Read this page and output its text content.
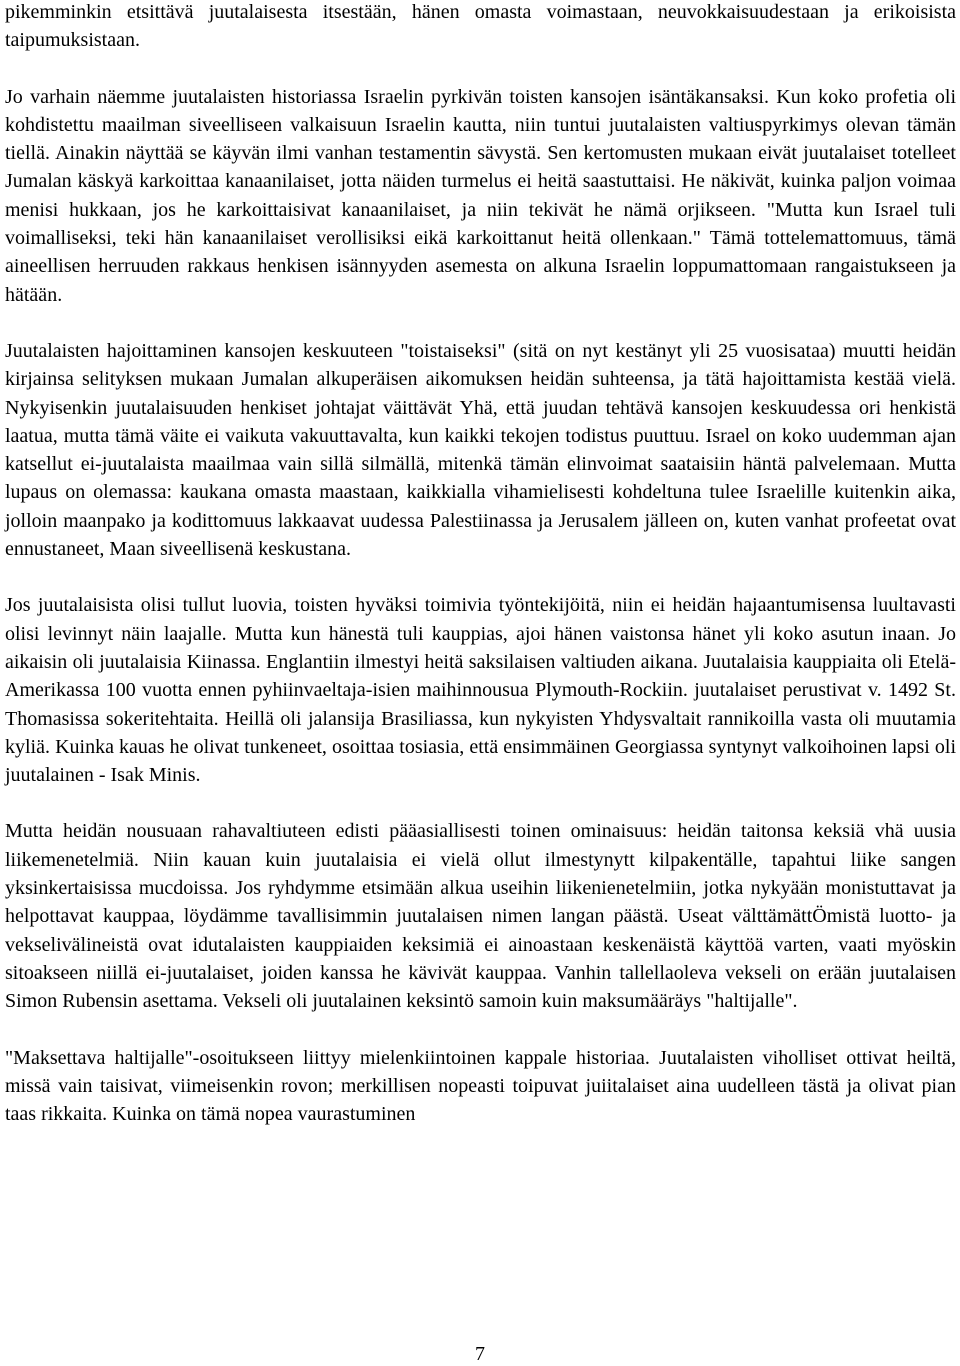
pikemminkin etsittävä juutalaisesta itsestään, hänen omasta voimastaan, neuvokkaisuudestaan ja erikoisista taipumuksistaan.

Jo varhain näemme juutalaisten historiassa Israelin pyrkivän toisten kansojen isäntäkansaksi. Kun koko profetia oli kohdistettu maailman siveelliseen valkaisuun Israelin kautta, niin tuntui juutalaisten valtiuspyrkimys olevan tämän tiellä. Ainakin näyttää se käyvän ilmi vanhan testamentin sävystä. Sen kertomusten mukaan eivät juutalaiset totelleet Jumalan käskyä karkoittaa kanaanilaiset, jotta näiden turmelus ei heitä saastuttaisi. He näkivät, kuinka paljon voimaa menisi hukkaan, jos he karkoittaisivat kanaanilaiset, ja niin tekivät he nämä orjikseen. "Mutta kun Israel tuli voimalliseksi, teki hän kanaanilaiset verollisiksi eikä karkoittanut heitä ollenkaan." Tämä tottelemattomuus, tämä aineellisen herruuden rakkaus henkisen isännyyden asemesta on alkuna Israelin loppumattomaan rangaistukseen ja hätään.

Juutalaisten hajoittaminen kansojen keskuuteen "toistaiseksi" (sitä on nyt kestänyt yli 25 vuosisataa) muutti heidän kirjainsa selityksen mukaan Jumalan alkuperäisen aikomuksen heidän suhteensa, ja tätä hajoittamista kestää vielä. Nykyisenkin juutalaisuuden henkiset johtajat väittävät Yhä, että juudan tehtävä kansojen keskuudessa ori henkistä laatua, mutta tämä väite ei vaikuta vakuuttavalta, kun kaikki tekojen todistus puuttuu. Israel on koko uudemman ajan katsellut ei-juutalaista maailmaa vain sillä silmällä, mitenkä tämän elinvoimat saataisiin häntä palvelemaan. Mutta lupaus on olemassa: kaukana omasta maastaan, kaikkialla vihamielisesti kohdeltuna tulee Israelille kuitenkin aika, jolloin maanpako ja kodittomuus lakkaavat uudessa Palestiinassa ja Jerusalem jälleen on, kuten vanhat profeetat ovat ennustaneet, Maan siveellisenä keskustana.

Jos juutalaisista olisi tullut luovia, toisten hyväksi toimivia työntekijöitä, niin ei heidän hajaantumisensa luultavasti olisi levinnyt näin laajalle. Mutta kun hänestä tuli kauppias, ajoi hänen vaistonsa hänet yli koko asutun inaan. Jo aikaisin oli juutalaisia Kiinassa. Englantiin ilmestyi heitä saksilaisen valtiuden aikana. Juutalaisia kauppiaita oli Etelä-Amerikassa 100 vuotta ennen pyhiinvaeltaja-isien maihinnousua Plymouth-Rockiin. juutalaiset perustivat v. 1492 St. Thomasissa sokeritehtaita. Heillä oli jalansija Brasiliassa, kun nykyisten Yhdysvaltait rannikoilla vasta oli muutamia kyliä. Kuinka kauas he olivat tunkeneet, osoittaa tosiasia, että ensimmäinen Georgiassa syntynyt valkoihoinen lapsi oli juutalainen - Isak Minis.

Mutta heidän nousuaan rahavaltiuteen edisti pääasiallisesti toinen ominaisuus: heidän taitonsa keksiä vhä uusia liikemenetelmiä. Niin kauan kuin juutalaisia ei vielä ollut ilmestynytt kilpakentälle, tapahtui liike sangen yksinkertaisissa mucdoissa. Jos ryhdymme etsimään alkua useihin liikenienetelmiin, jotka nykyään monistuttavat ja helpottavat kauppaa, löydämme tavallisimmin juutalaisen nimen langan päästä. Useat välttämättÖmistä luotto- ja vekselivälineistä ovat idutalaisten kauppiaiden keksimiä ei ainoastaan keskenäistä käyttöä varten, vaati myöskin sitoakseen niillä ei-juutalaiset, joiden kanssa he kävivät kauppaa. Vanhin tallellaoleva vekseli on erään juutalaisen Simon Rubensin asettama. Vekseli oli juutalainen keksintö samoin kuin maksumääräys "haltijalle".

"Maksettava haltijalle"-osoitukseen liittyy mielenkiintoinen kappale historiaa. Juutalaisten viholliset ottivat heiltä, missä vain taisivat, viimeisenkin rovon; merkillisen nopeasti toipuvat juiitalaiset aina uudelleen tästä ja olivat pian taas rikkaita. Kuinka on tämä nopea vaurastuminen

7
